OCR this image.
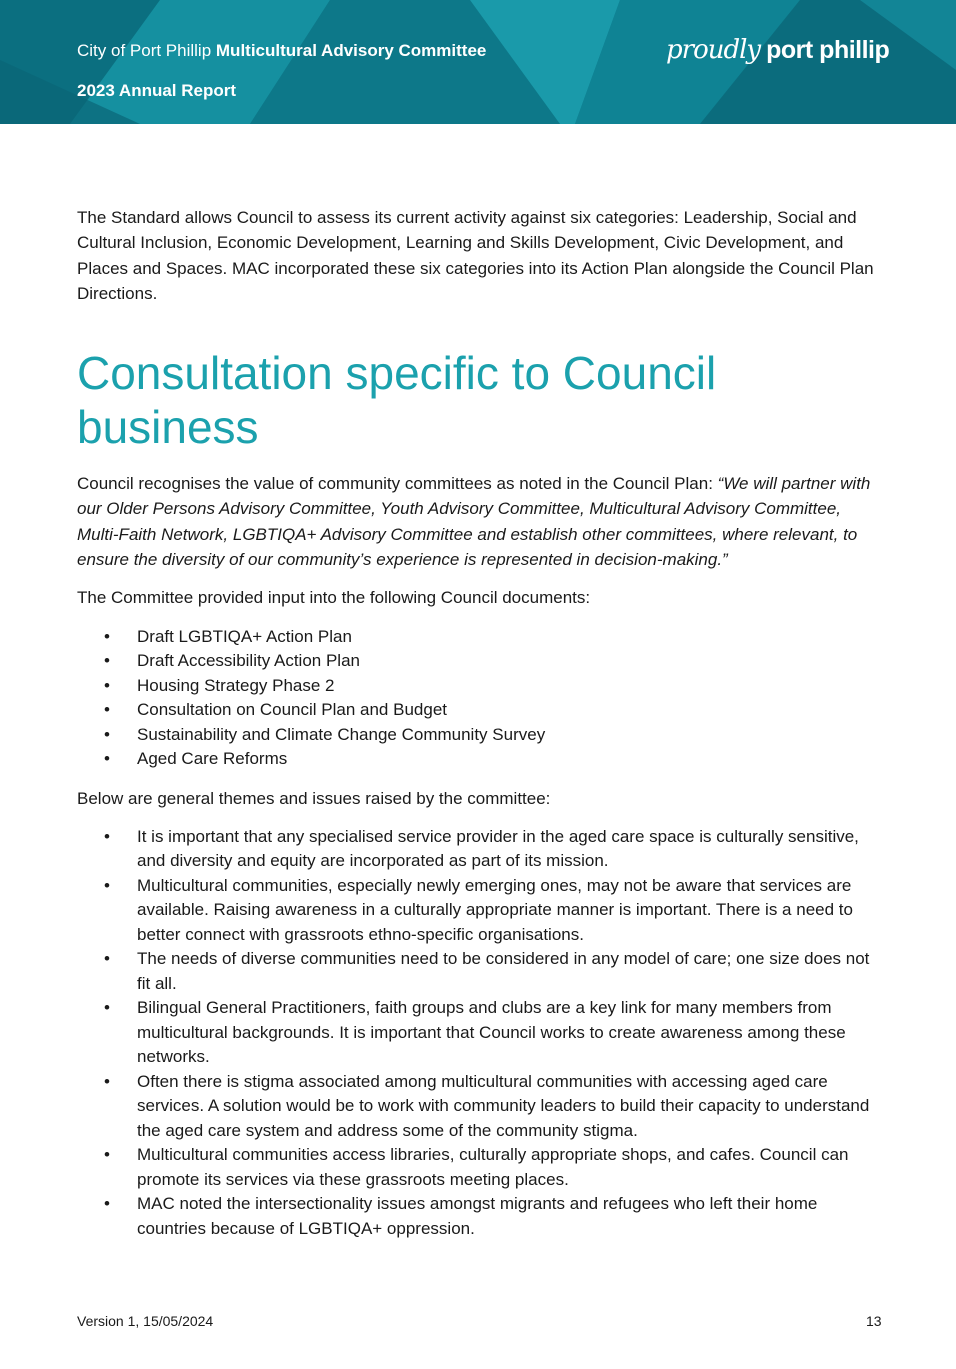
City of Port Phillip Multicultural Advisory Committee
2023 Annual Report
proudly port phillip

The Standard allows Council to assess its current activity against six categories: Leadership, Social and Cultural Inclusion, Economic Development, Learning and Skills Development, Civic Development, and Places and Spaces. MAC incorporated these six categories into its Action Plan alongside the Council Plan Directions.

Consultation specific to Council business

Council recognises the value of community committees as noted in the Council Plan: “We will partner with our Older Persons Advisory Committee, Youth Advisory Committee, Multicultural Advisory Committee, Multi-Faith Network, LGBTIQA+ Advisory Committee and establish other committees, where relevant, to ensure the diversity of our community’s experience is represented in decision-making.”

The Committee provided input into the following Council documents:

• Draft LGBTIQA+ Action Plan
• Draft Accessibility Action Plan
• Housing Strategy Phase 2
• Consultation on Council Plan and Budget
• Sustainability and Climate Change Community Survey
• Aged Care Reforms

Below are general themes and issues raised by the committee:

• It is important that any specialised service provider in the aged care space is culturally sensitive, and diversity and equity are incorporated as part of its mission.
• Multicultural communities, especially newly emerging ones, may not be aware that services are available. Raising awareness in a culturally appropriate manner is important. There is a need to better connect with grassroots ethno-specific organisations.
• The needs of diverse communities need to be considered in any model of care; one size does not fit all.
• Bilingual General Practitioners, faith groups and clubs are a key link for many members from multicultural backgrounds. It is important that Council works to create awareness among these networks.
• Often there is stigma associated among multicultural communities with accessing aged care services. A solution would be to work with community leaders to build their capacity to understand the aged care system and address some of the community stigma.
• Multicultural communities access libraries, culturally appropriate shops, and cafes. Council can promote its services via these grassroots meeting places.
• MAC noted the intersectionality issues amongst migrants and refugees who left their home countries because of LGBTIQA+ oppression.
Version 1, 15/05/2024	13
